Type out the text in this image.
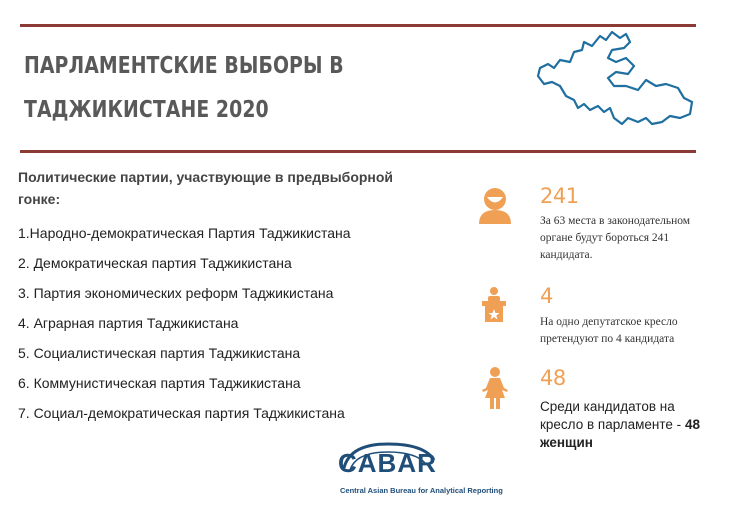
ПАРЛАМЕНТСКИЕ ВЫБОРЫ В
ТАДЖИКИСТАНЕ 2020
Политические партии, участвующие в предвыборной гонке:
1.Народно-демократическая Партия Таджикистана
2. Демократическая партия Таджикистана
3. Партия экономических реформ Таджикистана
4. Аграрная партия Таджикистана
5. Социалистическая партия Таджикистана
6. Коммунистическая партия Таджикистана
7. Социал-демократическая партия Таджикистана
241
За 63 места в законодательном органе будут бороться 241 кандидата.
4
На одно депутатское кресло претендуют по 4 кандидата
48
Среди кандидатов на кресло в парламенте - 48 женщин
CABAR
Central Asian Bureau for Analytical Reporting
